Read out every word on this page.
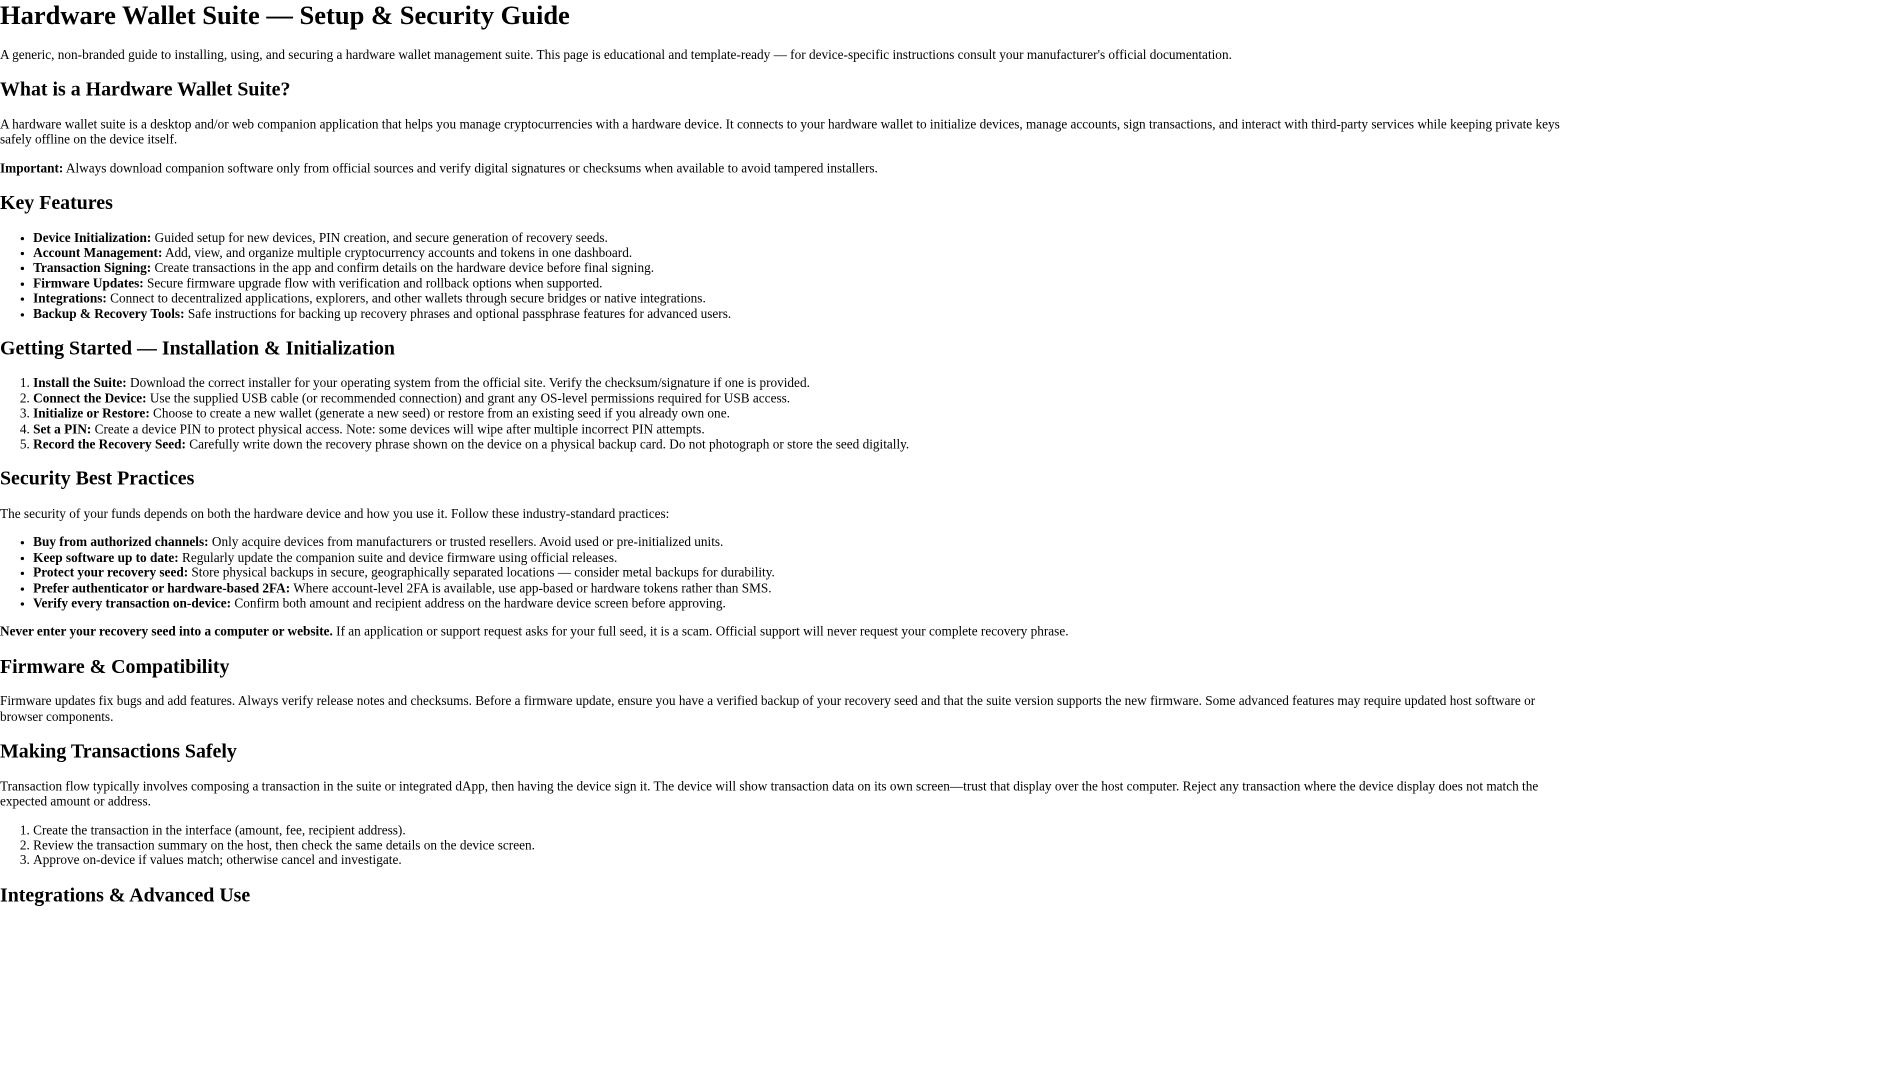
Hardware Wallet Suite — Setup & Security Guide

A generic, non-branded guide to installing, using, and securing a hardware wallet management suite. This page is educational and template-ready — for device-specific instructions consult your manufacturer's official documentation.

What is a Hardware Wallet Suite?

A hardware wallet suite is a desktop and/or web companion application that helps you manage cryptocurrencies with a hardware device. It connects to your hardware wallet to initialize devices, manage accounts, sign transactions, and interact with third-party services while keeping private keys safely offline on the device itself.

Important: Always download companion software only from official sources and verify digital signatures or checksums when available to avoid tampered installers.

Key Features
• Device Initialization: Guided setup for new devices, PIN creation, and secure generation of recovery seeds.
• Account Management: Add, view, and organize multiple cryptocurrency accounts and tokens in one dashboard.
• Transaction Signing: Create transactions in the app and confirm details on the hardware device before final signing.
• Firmware Updates: Secure firmware upgrade flow with verification and rollback options when supported.
• Integrations: Connect to decentralized applications, explorers, and other wallets through secure bridges or native integrations.
• Backup & Recovery Tools: Safe instructions for backing up recovery phrases and optional passphrase features for advanced users.
Getting Started — Installation & Initialization
1. Install the Suite: Download the correct installer for your operating system from the official site. Verify the checksum/signature if one is provided.
2. Connect the Device: Use the supplied USB cable (or recommended connection) and grant any OS-level permissions required for USB access.
3. Initialize or Restore: Choose to create a new wallet (generate a new seed) or restore from an existing seed if you already own one.
4. Set a PIN: Create a device PIN to protect physical access. Note: some devices will wipe after multiple incorrect PIN attempts.
5. Record the Recovery Seed: Carefully write down the recovery phrase shown on the device on a physical backup card. Do not photograph or store the seed digitally.
Security Best Practices

The security of your funds depends on both the hardware device and how you use it. Follow these industry-standard practices:

• Buy from authorized channels: Only acquire devices from manufacturers or trusted resellers. Avoid used or pre-initialized units.
• Keep software up to date: Regularly update the companion suite and device firmware using official releases.
• Protect your recovery seed: Store physical backups in secure, geographically separated locations — consider metal backups for durability.
• Prefer authenticator or hardware-based 2FA: Where account-level 2FA is available, use app-based or hardware tokens rather than SMS.
• Verify every transaction on-device: Confirm both amount and recipient address on the hardware device screen before approving.

Never enter your recovery seed into a computer or website. If an application or support request asks for your full seed, it is a scam. Official support will never request your complete recovery phrase.

Firmware & Compatibility

Firmware updates fix bugs and add features. Always verify release notes and checksums. Before a firmware update, ensure you have a verified backup of your recovery seed and that the suite version supports the new firmware. Some advanced features may require updated host software or browser components.

Making Transactions Safely

Transaction flow typically involves composing a transaction in the suite or integrated dApp, then having the device sign it. The device will show transaction data on its own screen—trust that display over the host computer. Reject any transaction where the device display does not match the expected amount or address.

1. Create the transaction in the interface (amount, fee, recipient address).
2. Review the transaction summary on the host, then check the same details on the device screen.
3. Approve on-device if values match; otherwise cancel and investigate.
Integrations & Advanced Use
